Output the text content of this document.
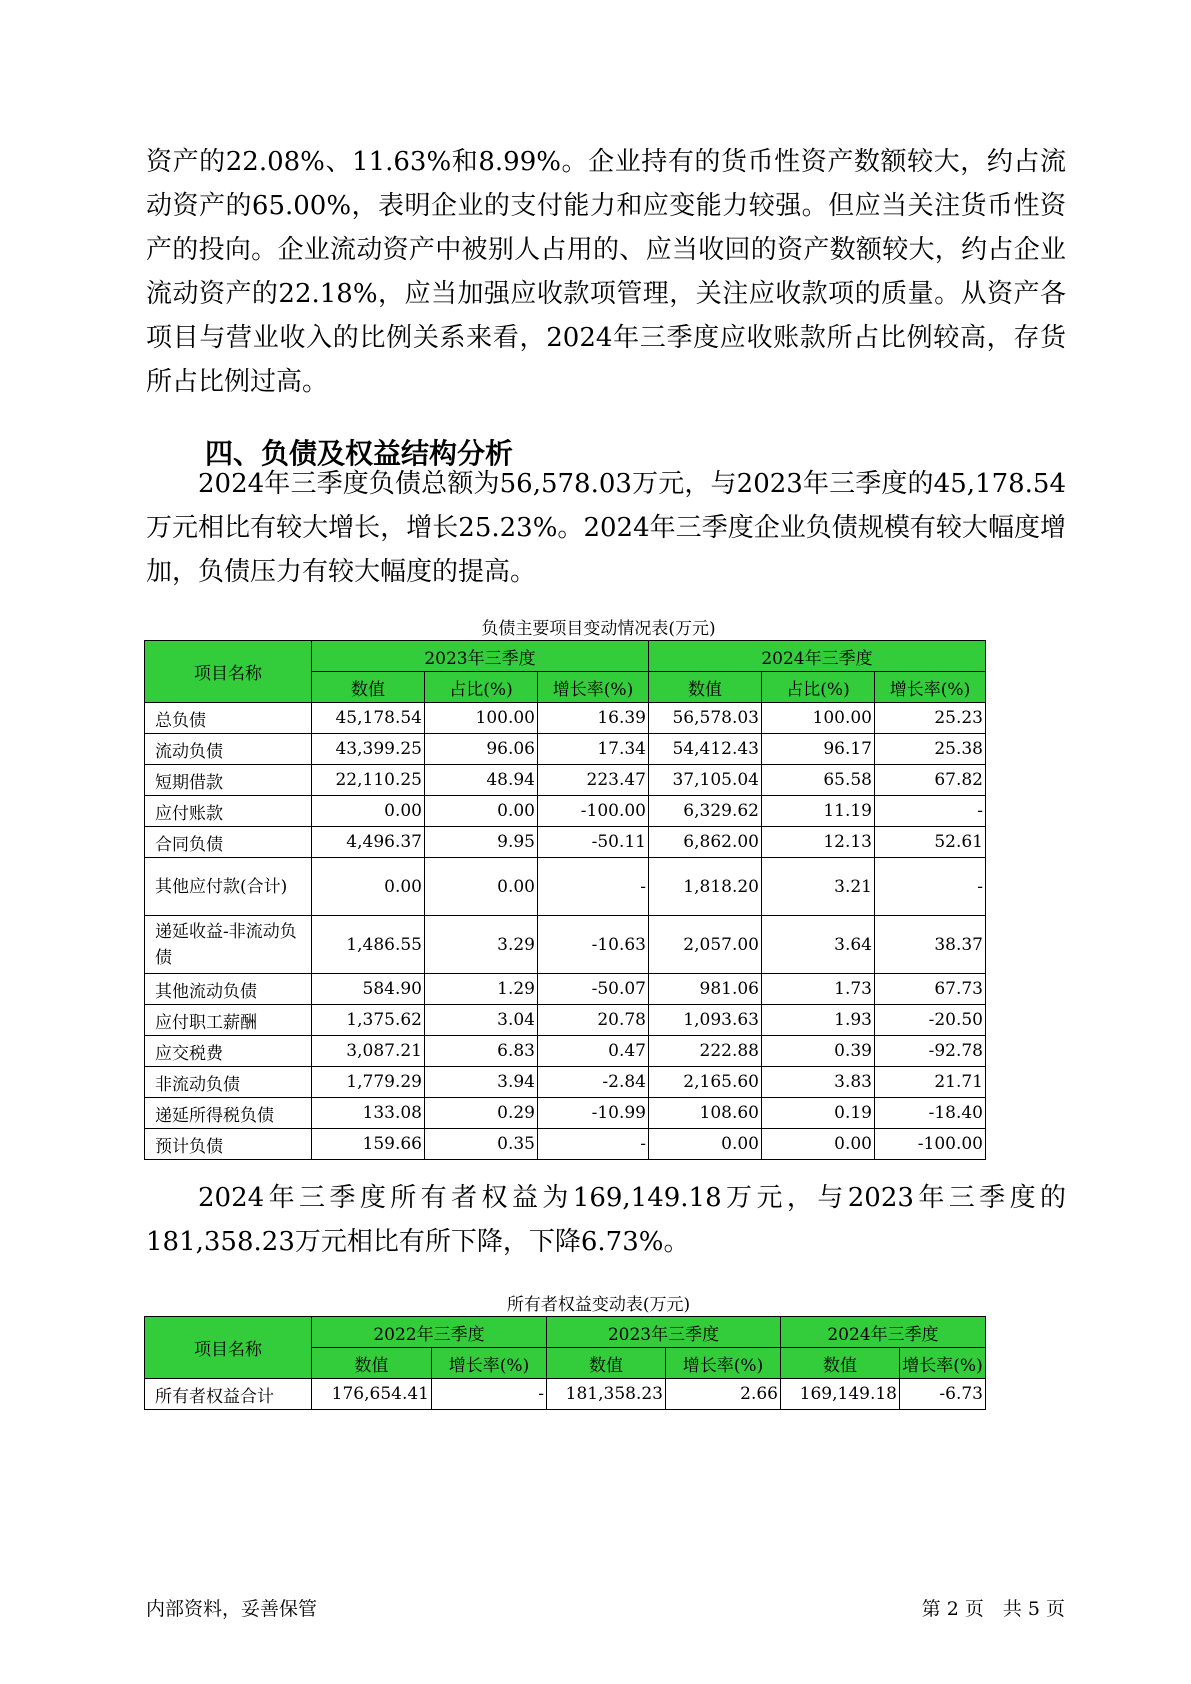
资产的22.08%、11.63%和8.99%。企业持有的货币性资产数额较大，约占流动资产的65.00%，表明企业的支付能力和应变能力较强。但应当关注货币性资产的投向。企业流动资产中被别人占用的、应当收回的资产数额较大，约占企业流动资产的22.18%，应当加强应收款项管理，关注应收款项的质量。从资产各项目与营业收入的比例关系来看，2024年三季度应收账款所占比例较高，存货所占比例过高。

四、负债及权益结构分析

2024年三季度负债总额为56,578.03万元，与2023年三季度的45,178.54万元相比有较大增长，增长25.23%。2024年三季度企业负债规模有较大幅度增加，负债压力有较大幅度的提高。

负债主要项目变动情况表(万元)

项目名称	2023年三季度			2024年三季度		
	数值	占比(%)	增长率(%)	数值	占比(%)	增长率(%)
总负债	45,178.54	100.00	16.39	56,578.03	100.00	25.23
流动负债	43,399.25	96.06	17.34	54,412.43	96.17	25.38
短期借款	22,110.25	48.94	223.47	37,105.04	65.58	67.82
应付账款	0.00	0.00	-100.00	6,329.62	11.19	-
合同负债	4,496.37	9.95	-50.11	6,862.00	12.13	52.61
其他应付款(合计)	0.00	0.00	-	1,818.20	3.21	-
递延收益-非流动负债	1,486.55	3.29	-10.63	2,057.00	3.64	38.37
其他流动负债	584.90	1.29	-50.07	981.06	1.73	67.73
应付职工薪酬	1,375.62	3.04	20.78	1,093.63	1.93	-20.50
应交税费	3,087.21	6.83	0.47	222.88	0.39	-92.78
非流动负债	1,779.29	3.94	-2.84	2,165.60	3.83	21.71
递延所得税负债	133.08	0.29	-10.99	108.60	0.19	-18.40
预计负债	159.66	0.35	-	0.00	0.00	-100.00

2024年三季度所有者权益为169,149.18万元，与2023年三季度的181,358.23万元相比有所下降，下降6.73%。

所有者权益变动表(万元)

项目名称	2022年三季度		2023年三季度		2024年三季度	
	数值	增长率(%)	数值	增长率(%)	数值	增长率(%)
所有者权益合计	176,654.41	-	181,358.23	2.66	169,149.18	-6.73

内部资料，妥善保管	第 2 页　共 5 页
